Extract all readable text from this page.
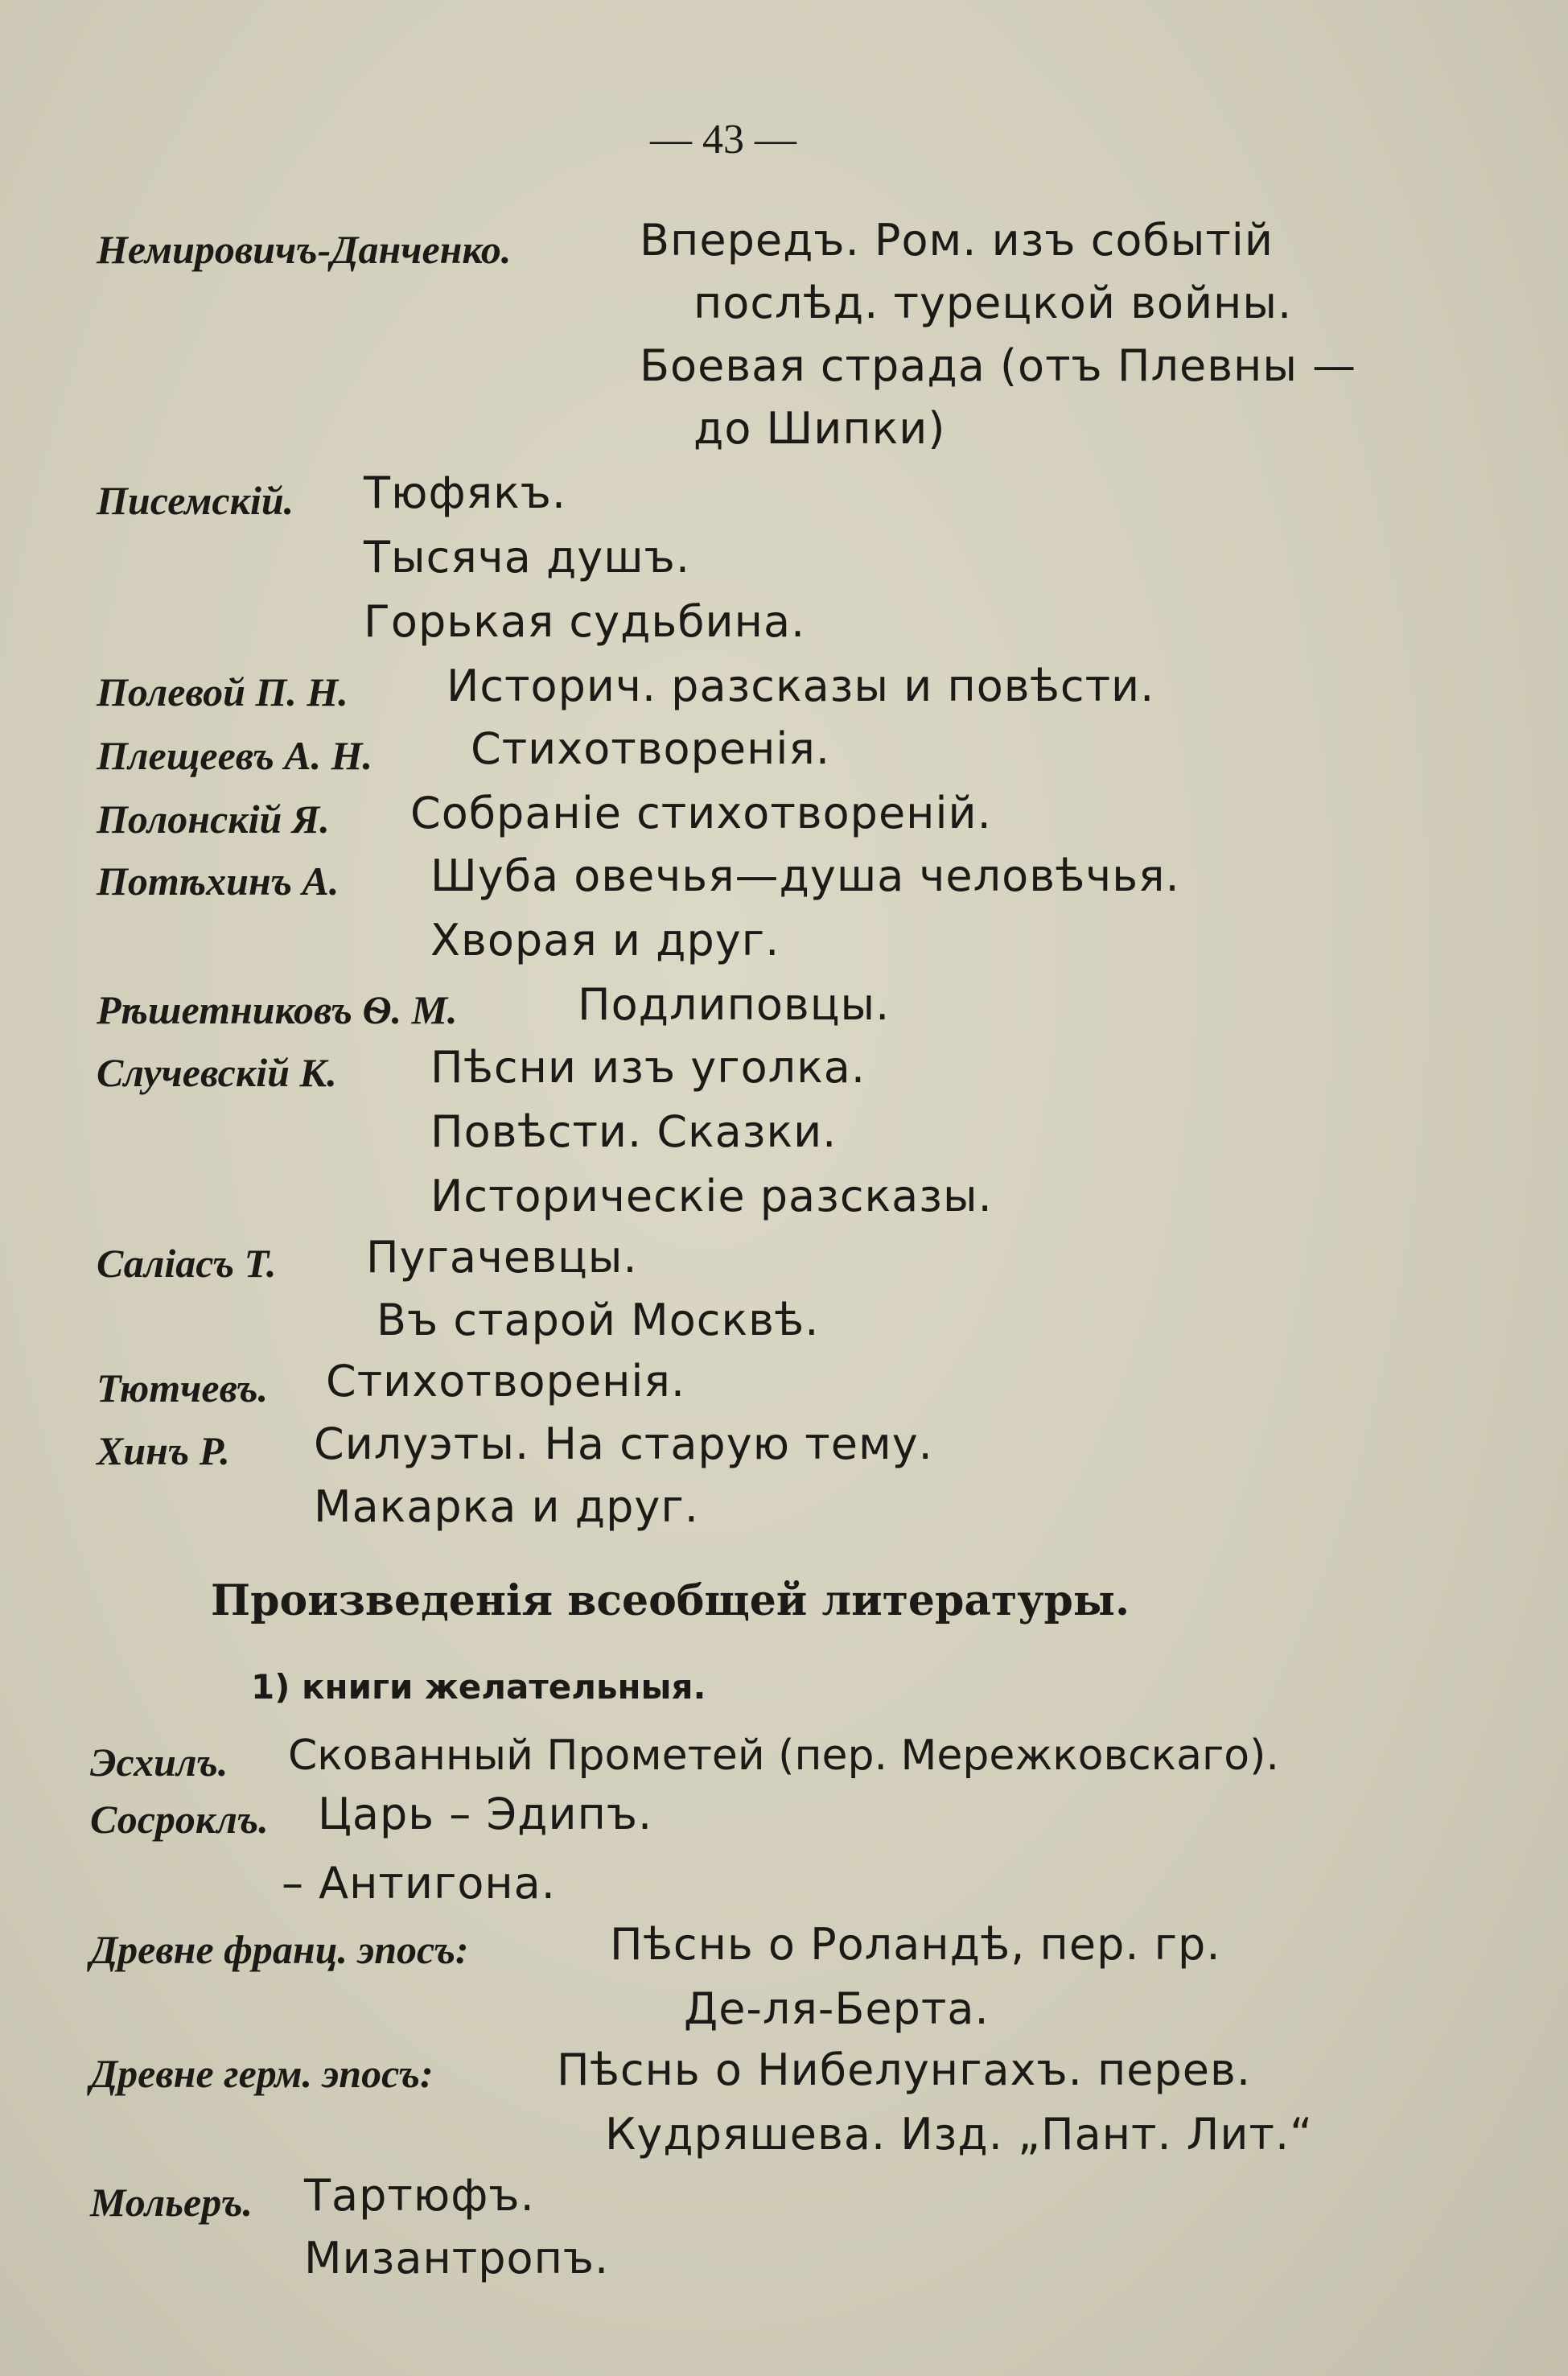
— 43 —
Немировичъ-Данченко.	Впередъ. Ром. изъ событій
послѣд. турецкой войны.
Боевая страда (отъ Плевны —
до Шипки)
Писемскій. Тюфякъ.
Тысяча душъ.
Горькая судьбина.
Полевой П. Н. Историч. разсказы и повѣсти.
Плещеевъ А. Н. Стихотворенія.
Полонскій Я. Собраніе стихотвореній.
Потѣхинъ А. Шуба овечья—душа человѣчья.
Хворая и друг.
Рѣшетниковъ Ѳ. М.	Подлиповцы.
Случевскій К. Пѣсни изъ уголка.
Повѣсти. Сказки.
Историческіе разсказы.
Саліасъ Т. Пугачевцы.
Въ старой Москвѣ.
Тютчевъ. Стихотворенія.
Хинъ Р. Силуэты. На старую тему.
Макарка и друг.
Произведенія всеобщей литературы.
1) книги желательныя.
Эсхилъ. Скованный Прометей (пер. Мережковскаго).
Сосроклъ. Царь – Эдипъ.
– Антигона.
Древне франц. эпосъ:	Пѣснь о Роландѣ, пер. гр.
Де-ля-Берта.
Древне герм. эпосъ:	Пѣснь о Нибелунгахъ. перев.
Кудряшева. Изд. „Пант. Лит.“
Мольеръ. Тартюфъ.
Мизантропъ.
